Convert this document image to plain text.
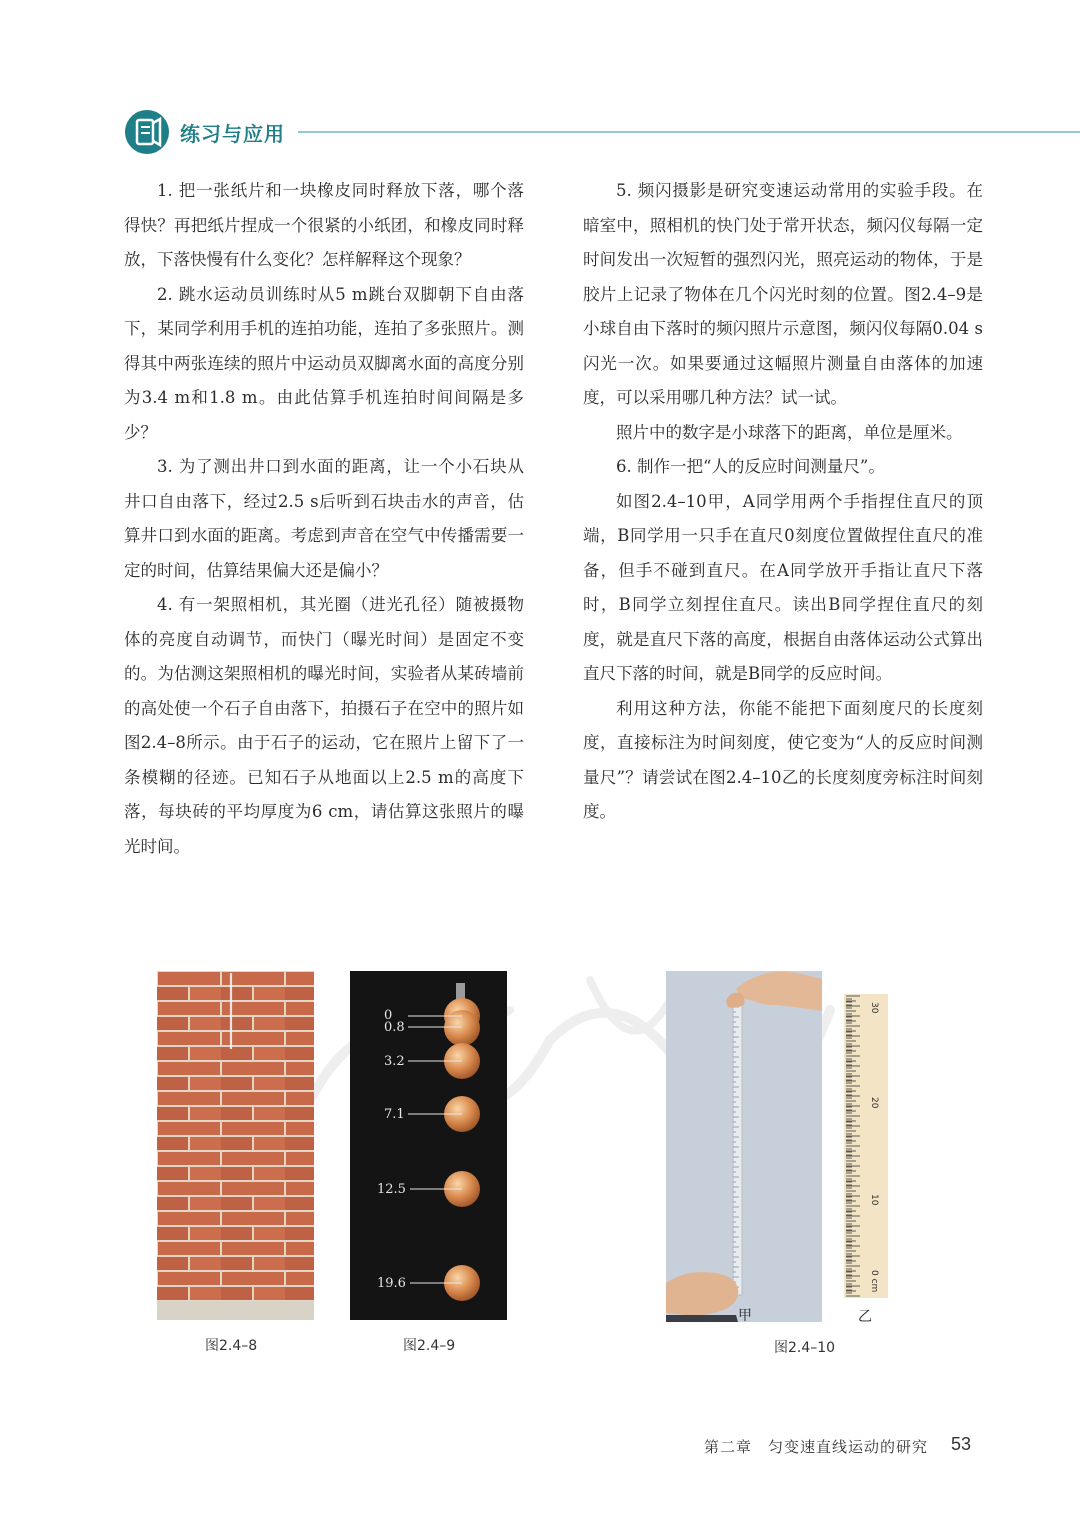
练习与应用

1. 把一张纸片和一块橡皮同时释放下落，哪个落得快？再把纸片捏成一个很紧的小纸团，和橡皮同时释放，下落快慢有什么变化？怎样解释这个现象？

2. 跳水运动员训练时从5 m跳台双脚朝下自由落下，某同学利用手机的连拍功能，连拍了多张照片。测得其中两张连续的照片中运动员双脚离水面的高度分别为3.4 m和1.8 m。由此估算手机连拍时间间隔是多少？

3. 为了测出井口到水面的距离，让一个小石块从井口自由落下，经过2.5 s后听到石块击水的声音，估算井口到水面的距离。考虑到声音在空气中传播需要一定的时间，估算结果偏大还是偏小？

4. 有一架照相机，其光圈（进光孔径）随被摄物体的亮度自动调节，而快门（曝光时间）是固定不变的。为估测这架照相机的曝光时间，实验者从某砖墙前的高处使一个石子自由落下，拍摄石子在空中的照片如图2.4–8所示。由于石子的运动，它在照片上留下了一条模糊的径迹。已知石子从地面以上2.5 m的高度下落，每块砖的平均厚度为6 cm，请估算这张照片的曝光时间。

5. 频闪摄影是研究变速运动常用的实验手段。在暗室中，照相机的快门处于常开状态，频闪仪每隔一定时间发出一次短暂的强烈闪光，照亮运动的物体，于是胶片上记录了物体在几个闪光时刻的位置。图2.4–9是小球自由下落时的频闪照片示意图，频闪仪每隔0.04 s闪光一次。如果要通过这幅照片测量自由落体的加速度，可以采用哪几种方法？试一试。

照片中的数字是小球落下的距离，单位是厘米。

6. 制作一把“人的反应时间测量尺”。

如图2.4–10甲，A同学用两个手指捏住直尺的顶端，B同学用一只手在直尺0刻度位置做捏住直尺的准备，但手不碰到直尺。在A同学放开手指让直尺下落时，B同学立刻捏住直尺。读出B同学捏住直尺的刻度，就是直尺下落的高度，根据自由落体运动公式算出直尺下落的时间，就是B同学的反应时间。

利用这种方法，你能不能把下面刻度尺的长度刻度，直接标注为时间刻度，使它变为“人的反应时间测量尺”？请尝试在图2.4–10乙的长度刻度旁标注时间刻度。

图2.4–8
0
0.8
3.2
7.1
12.5
19.6
图2.4–9
甲
30
20
10
0 cm
乙
图2.4–10
第二章　匀变速直线运动的研究 53
